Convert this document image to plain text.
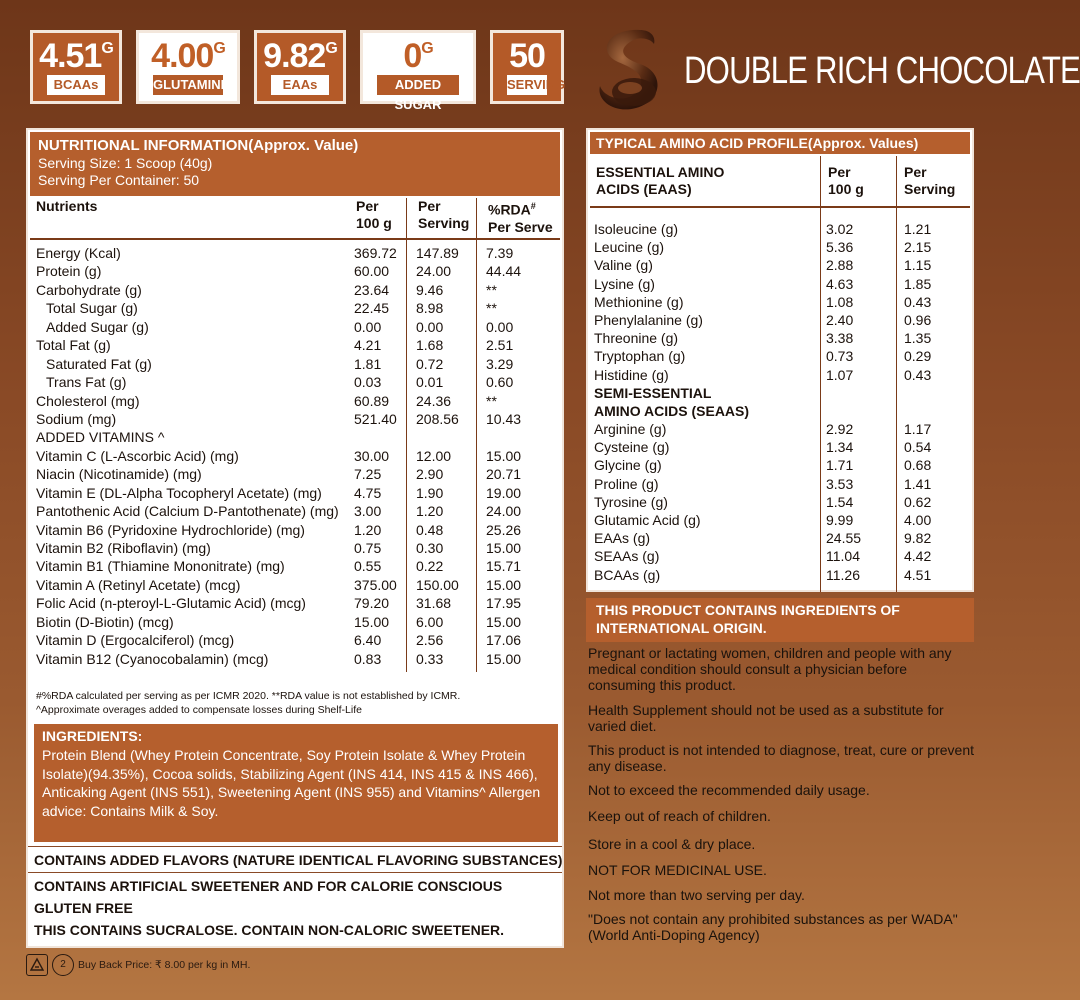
$4.51^G$
BCAAs
$4.00^G$
GLUTAMINE
$9.82^G$
EAAs
$0^G$
ADDED SUGAR
50
SERVING	DOUBLE RICH CHOCOLATE
NUTRITIONAL INFORMATION(Approx. Value)
Serving Size: 1 Scoop (40g)
Serving Per Container: 50
Nutrients	Per
100 g
Per
Serving
%RDA#
Per Serve
Energy (Kcal)	369.72 147.89 7.39
Protein (g)	60.00 24.00 44.44
Carbohydrate (g)	23.64 9.46	**
Total Sugar (g)	22.45 8.98	**
Added Sugar (g)	0.00 0.00	0.00
Total Fat (g)	4.21 1.68	2.51
Saturated Fat (g)	1.81 0.72	3.29
Trans Fat (g)	0.03 0.01	0.60
Cholesterol (mg)	60.89 24.36 **
Sodium (mg)	521.40 208.56 10.43
ADDED VITAMINS ^
Vitamin C (L-Ascorbic Acid) (mg)	30.00 12.00 15.00
Niacin (Nicotinamide) (mg)	7.25 2.90	20.71
Vitamin E (DL-Alpha Tocopheryl Acetate) (mg) 4.75 1.90	19.00
Pantothenic Acid (Calcium D-Pantothenate) (mg) 3.00 1.20	24.00
Vitamin B6 (Pyridoxine Hydrochloride) (mg)	1.20 0.48	25.26
Vitamin B2 (Riboflavin) (mg)	0.75 0.30	15.00
Vitamin B1 (Thiamine Mononitrate) (mg)	0.55 0.22	15.71
Vitamin A (Retinyl Acetate) (mcg)	375.00 150.00 15.00
Folic Acid (n-pteroyl-L-Glutamic Acid) (mcg)	79.20 31.68 17.95
Biotin (D-Biotin) (mcg)	15.00 6.00	15.00
Vitamin D (Ergocalciferol) (mcg)	6.40 2.56	17.06
Vitamin B12 (Cyanocobalamin) (mcg)	0.83 0.33	15.00
#%RDA calculated per serving as per ICMR 2020. **RDA value is not established by ICMR.
^Approximate overages added to compensate losses during Shelf-Life
INGREDIENTS:
Protein Blend (Whey Protein Concentrate, Soy Protein Isolate & Whey Protein Isolate)(94.35%), Cocoa solids, Stabilizing Agent (INS 414, INS 415 & INS 466), Anticaking Agent (INS 551), Sweetening Agent (INS 955) and Vitamins^ Allergen advice: Contains Milk & Soy.
CONTAINS ADDED FLAVORS (NATURE IDENTICAL FLAVORING SUBSTANCES)
CONTAINS ARTIFICIAL SWEETENER AND FOR CALORIE CONSCIOUS
GLUTEN FREE
THIS CONTAINS SUCRALOSE. CONTAIN NON-CALORIC SWEETENER.
TYPICAL AMINO ACID PROFILE(Approx. Values)
ESSENTIAL AMINO
ACIDS (EAAS)
Per
100 g
Per
Serving
Isoleucine (g)	3.02	1.21
Leucine (g)	5.36	2.15
Valine (g)	2.88	1.15
Lysine (g)	4.63	1.85
Methionine (g)	1.08	0.43
Phenylalanine (g)	2.40	0.96
Threonine (g)	3.38	1.35
Tryptophan (g)	0.73	0.29
Histidine (g)	1.07	0.43
SEMI-ESSENTIAL
AMINO ACIDS (SEAAS)
Arginine (g)	2.92	1.17
Cysteine (g)	1.34	0.54
Glycine (g)	1.71	0.68
Proline (g)	3.53	1.41
Tyrosine (g)	1.54	0.62
Glutamic Acid (g)	9.99	4.00
EAAs (g)	24.55	9.82
SEAAs (g)	11.04	4.42
BCAAs (g)	11.26	4.51
THIS PRODUCT CONTAINS INGREDIENTS OF INTERNATIONAL ORIGIN.
Pregnant or lactating women, children and people with any medical condition should consult a physician before consuming this product.
Health Supplement should not be used as a substitute for varied diet.
This product is not intended to diagnose, treat, cure or prevent any disease.
Not to exceed the recommended daily usage.
Keep out of reach of children.
Store in a cool & dry place.
NOT FOR MEDICINAL USE.
Not more than two serving per day.
"Does not contain any prohibited substances as per WADA" (World Anti-Doping Agency)
2	Buy Back Price: ₹ 8.00 per kg in MH.
